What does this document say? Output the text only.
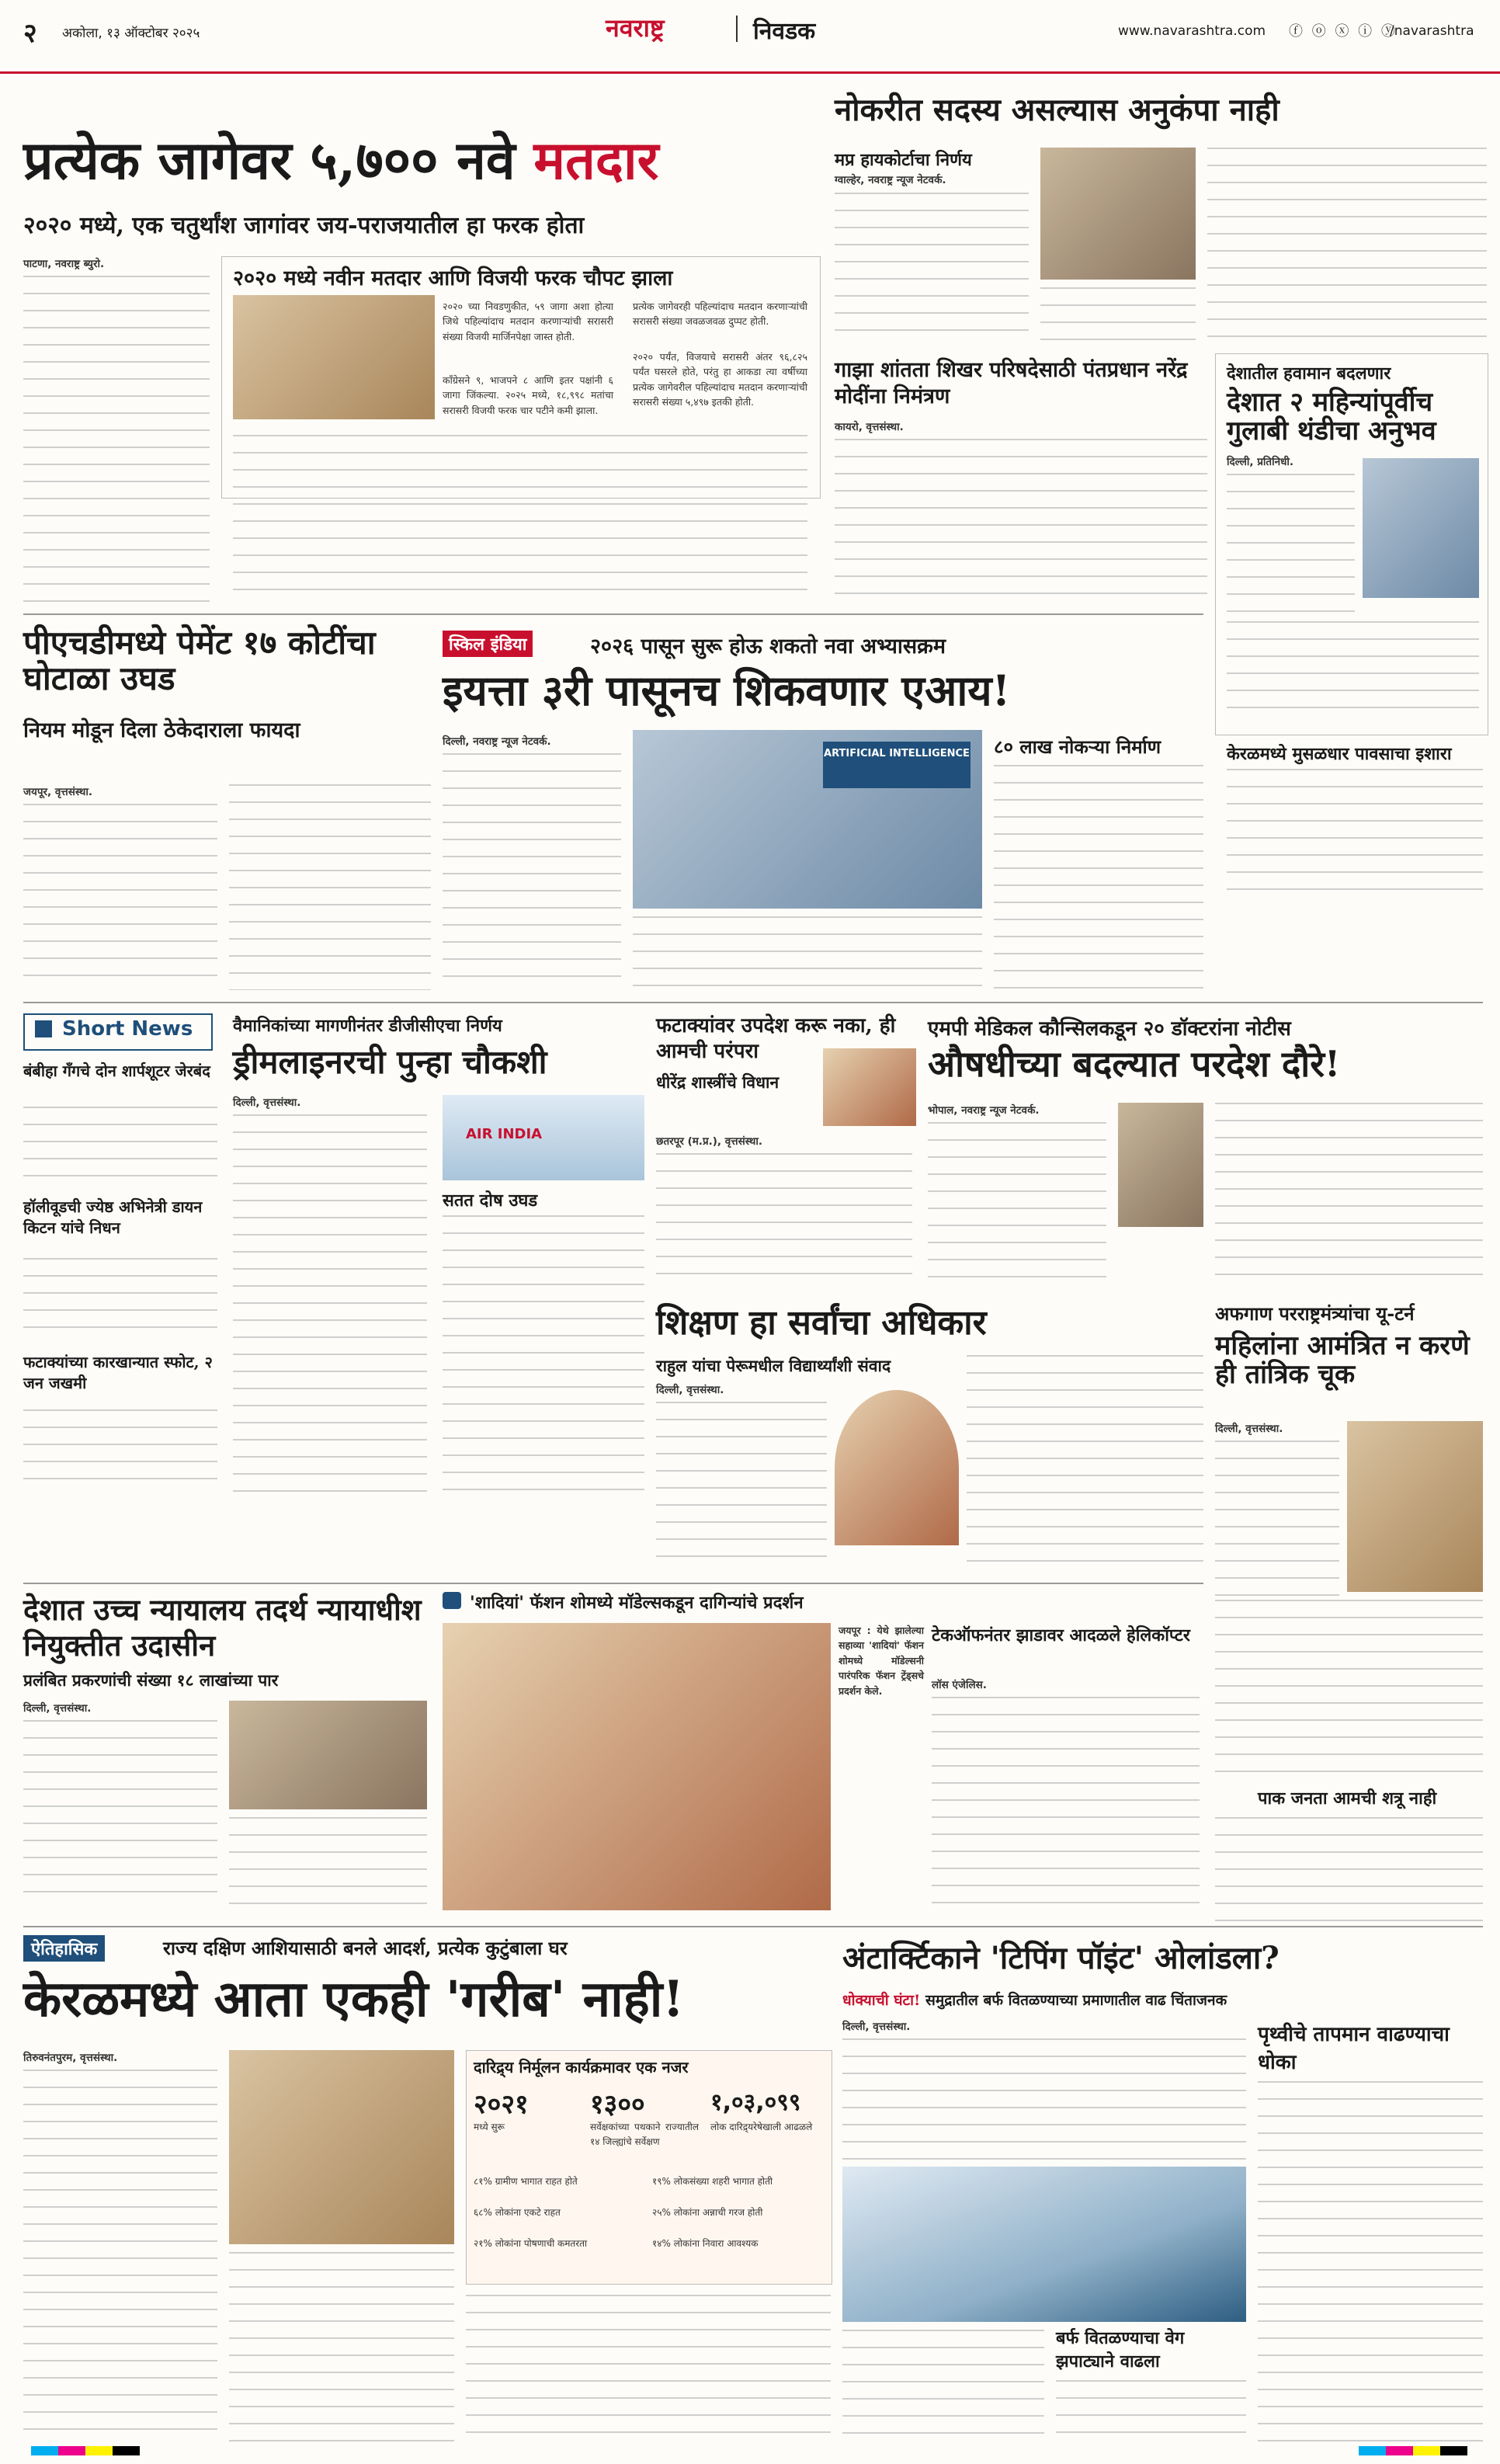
२ अकोला, १३ ऑक्टोबर २०२५	नवराष्ट्र	निवडक	www.navarashtra.com ⓕ ⓞ ⓧ ⓘ ⓨ
/navarashtra
प्रत्येक जागेवर ५,७०० नवे मतदार
२०२० मध्ये, एक चतुर्थांश जागांवर जय-पराजयातील हा फरक होता
पाटणा, नवराष्ट्र ब्युरो.
२०२० मध्ये नवीन मतदार आणि विजयी फरक चौपट झाला
२०२० च्या निवडणुकीत, ५९ जागा अशा होत्या जिथे पहिल्यांदाच मतदान करणाऱ्यांची सरासरी संख्या विजयी मार्जिनपेक्षा जास्त होती.
काँग्रेसने ९, भाजपने ८ आणि इतर पक्षांनी ६ जागा जिंकल्या. २०२५ मध्ये, १८,९९८ मतांचा सरासरी विजयी फरक चार पटीने कमी झाला.
प्रत्येक जागेवरही पहिल्यांदाच मतदान करणाऱ्यांची सरासरी संख्या जवळजवळ दुप्पट होती.
२०२० पर्यंत, विजयाचे सरासरी अंतर ९६,८२५ पर्यंत घसरले होते, परंतु हा आकडा त्या वर्षीच्या प्रत्येक जागेवरील पहिल्यांदाच मतदान करणाऱ्यांची सरासरी संख्या ५,४९७ इतकी होती.
नोकरीत सदस्य असल्यास अनुकंपा नाही
मप्र हायकोर्टाचा निर्णय
ग्वाल्हेर, नवराष्ट्र न्यूज नेटवर्क.
गाझा शांतता शिखर परिषदेसाठी पंतप्रधान नरेंद्र मोदींना निमंत्रण
कायरो, वृत्तसंस्था.
देशातील हवामान बदलणार
देशात २ महिन्यांपूर्वीच गुलाबी थंडीचा अनुभव
दिल्ली, प्रतिनिधी.
केरळमध्ये मुसळधार पावसाचा इशारा
पीएचडीमध्ये पेमेंट १७ कोटींचा घोटाळा उघड
नियम मोडून दिला ठेकेदाराला फायदा
जयपूर, वृत्तसंस्था.
स्किल इंडिया	२०२६ पासून सुरू होऊ शकतो नवा अभ्यासक्रम
इयत्ता ३री पासूनच शिकवणार एआय!
दिल्ली, नवराष्ट्र न्यूज नेटवर्क.
ARTIFICIAL INTELLIGENCE ८० लाख नोकऱ्या निर्माण
Short News
बंबीहा गँगचे दोन शार्पशूटर जेरबंद
हॉलीवूडची ज्येष्ठ अभिनेत्री डायन किटन यांचे निधन
फटाक्यांच्या कारखान्यात स्फोट, २ जन जखमी
वैमानिकांच्या मागणीनंतर डीजीसीएचा निर्णय
ड्रीमलाइनरची पुन्हा चौकशी
दिल्ली, वृत्तसंस्था.
AIR INDIA
सतत दोष उघड
फटाक्यांवर उपदेश करू नका, ही आमची परंपरा
धीरेंद्र शास्त्रींचे विधान
छतरपूर (म.प्र.), वृत्तसंस्था.
एमपी मेडिकल कौन्सिलकडून २० डॉक्टरांना नोटीस
औषधीच्या बदल्यात परदेश दौरे!
भोपाल, नवराष्ट्र न्यूज नेटवर्क.
शिक्षण हा सर्वांचा अधिकार
राहुल यांचा पेरूमधील विद्यार्थ्यांशी संवाद
दिल्ली, वृत्तसंस्था.
अफगाण परराष्ट्रमंत्र्यांचा यू-टर्न
महिलांना आमंत्रित न करणे ही तांत्रिक चूक
दिल्ली, वृत्तसंस्था.
पाक जनता आमची शत्रू नाही
देशात उच्च न्यायालय तदर्थ न्यायाधीश नियुक्तीत उदासीन
प्रलंबित प्रकरणांची संख्या १८ लाखांच्या पार
दिल्ली, वृत्तसंस्था.
'शादियां' फॅशन शोमध्ये मॉडेल्सकडून दागिन्यांचे प्रदर्शन
जयपूर : येथे झालेल्या सहाव्या 'शादियां' फॅशन शोमध्ये मॉडेल्सनी पारंपरिक फॅशन ट्रेंड्सचे प्रदर्शन केले.
टेकऑफनंतर झाडावर आदळले हेलिकॉप्टर
लॉस एंजेलिस.
ऐतिहासिक	राज्य दक्षिण आशियासाठी बनले आदर्श, प्रत्येक कुटुंबाला घर
केरळमध्ये आता एकही 'गरीब' नाही!
तिरुवनंतपुरम, वृत्तसंस्था.	दारिद्र्य निर्मूलन कार्यक्रमावर एक नजर
२०२१
मध्ये सुरू
१३००
सर्वेक्षकांच्या पथकाने राज्यातील १४ जिल्ह्यांचे सर्वेक्षण
१,०३,०९९
लोक दारिद्र्यरेषेखाली आढळले
८१% ग्रामीण भागात राहत होते	१९% लोकसंख्या शहरी भागात होती
६८% लोकांना एकटे राहत	२५% लोकांना अन्नाची गरज होती
२१% लोकांना पोषणाची कमतरता	१४% लोकांना निवारा आवश्यक
अंटार्क्टिकाने 'टिपिंग पॉइंट' ओलांडला?
धोक्याची घंटा! समुद्रातील बर्फ वितळण्याच्या प्रमाणातील वाढ चिंताजनक
दिल्ली, वृत्तसंस्था.
बर्फ वितळण्याचा वेग झपाट्याने वाढला
पृथ्वीचे तापमान वाढण्याचा धोका
